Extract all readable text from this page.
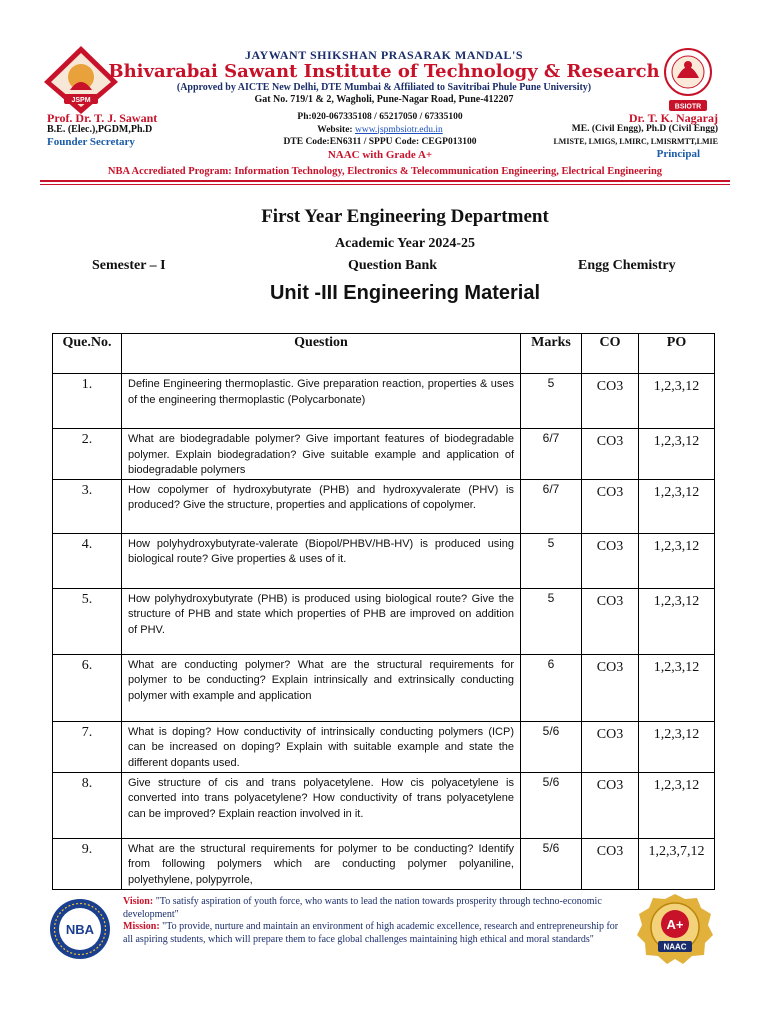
JSPM
JAYWANT SHIKSHAN PRASARAK MANDAL'S
Bhivarabai Sawant Institute of Technology & Research
(Approved by AICTE New Delhi, DTE Mumbai & Affiliated to Savitribai Phule Pune University)
Gat No. 719/1 & 2, Wagholi, Pune-Nagar Road, Pune-412207
BSIOTR
Prof. Dr. T. J. Sawant
B.E. (Elec.),PGDM,Ph.D
Founder Secretary
Ph:020-067335108 / 65217050 / 67335100
Website: www.jspmbsiotr.edu.in
DTE Code:EN6311 / SPPU Code: CEGP013100
NAAC with Grade A+
Dr. T. K. Nagaraj
ME. (Civil Engg), Ph.D (Civil Engg)
LMISTE, LMIGS, LMIRC, LMISRMTT,LMIE
Principal
NBA Accrediated Program: Information Technology, Electronics & Telecommunication Engineering, Electrical Engineering
First Year Engineering Department
Academic Year 2024-25
Semester – I	Question Bank	Engg Chemistry
Unit -III Engineering Material
Que.No.	Question	Marks	CO	PO
1.	Define Engineering thermoplastic. Give preparation reaction, properties & uses of the engineering thermoplastic (Polycarbonate)	5	CO3	1,2,3,12
2.	What are biodegradable polymer? Give important features of biodegradable polymer. Explain biodegradation? Give suitable example and application of biodegradable polymers	6/7	CO3	1,2,3,12
3.	How copolymer of hydroxybutyrate (PHB) and hydroxyvalerate (PHV) is produced? Give the structure, properties and applications of copolymer.	6/7	CO3	1,2,3,12
4.	How polyhydroxybutyrate-valerate (Biopol/PHBV/HB-HV) is produced using biological route? Give properties & uses of it.	5	CO3	1,2,3,12
5.	How polyhydroxybutyrate (PHB) is produced using biological route? Give the structure of PHB and state which properties of PHB are improved on addition of PHV.	5	CO3	1,2,3,12
6.	What are conducting polymer? What are the structural requirements for polymer to be conducting? Explain intrinsically and extrinsically conducting polymer with example and application	6	CO3	1,2,3,12
7.	What is doping? How conductivity of intrinsically conducting polymers (ICP) can be increased on doping? Explain with suitable example and state the different dopants used.	5/6	CO3	1,2,3,12
8.	Give structure of cis and trans polyacetylene. How cis polyacetylene is converted into trans polyacetylene? How conductivity of trans polyacetylene can be improved? Explain reaction involved in it.	5/6	CO3	1,2,3,12
9.	What are the structural requirements for polymer to be conducting? Identify from following polymers which are conducting polymer polyaniline, polyethylene, polypyrrole,	5/6	CO3	1,2,3,7,12
NBA
Vision: "To satisfy aspiration of youth force, who wants to lead the nation towards prosperity through techno-economic development"
Mission: "To provide, nurture and maintain an environment of high academic excellence, research and entrepreneurship for all aspiring students, which will prepare them to face global challenges maintaining high ethical and moral standards"
A+
NAAC
